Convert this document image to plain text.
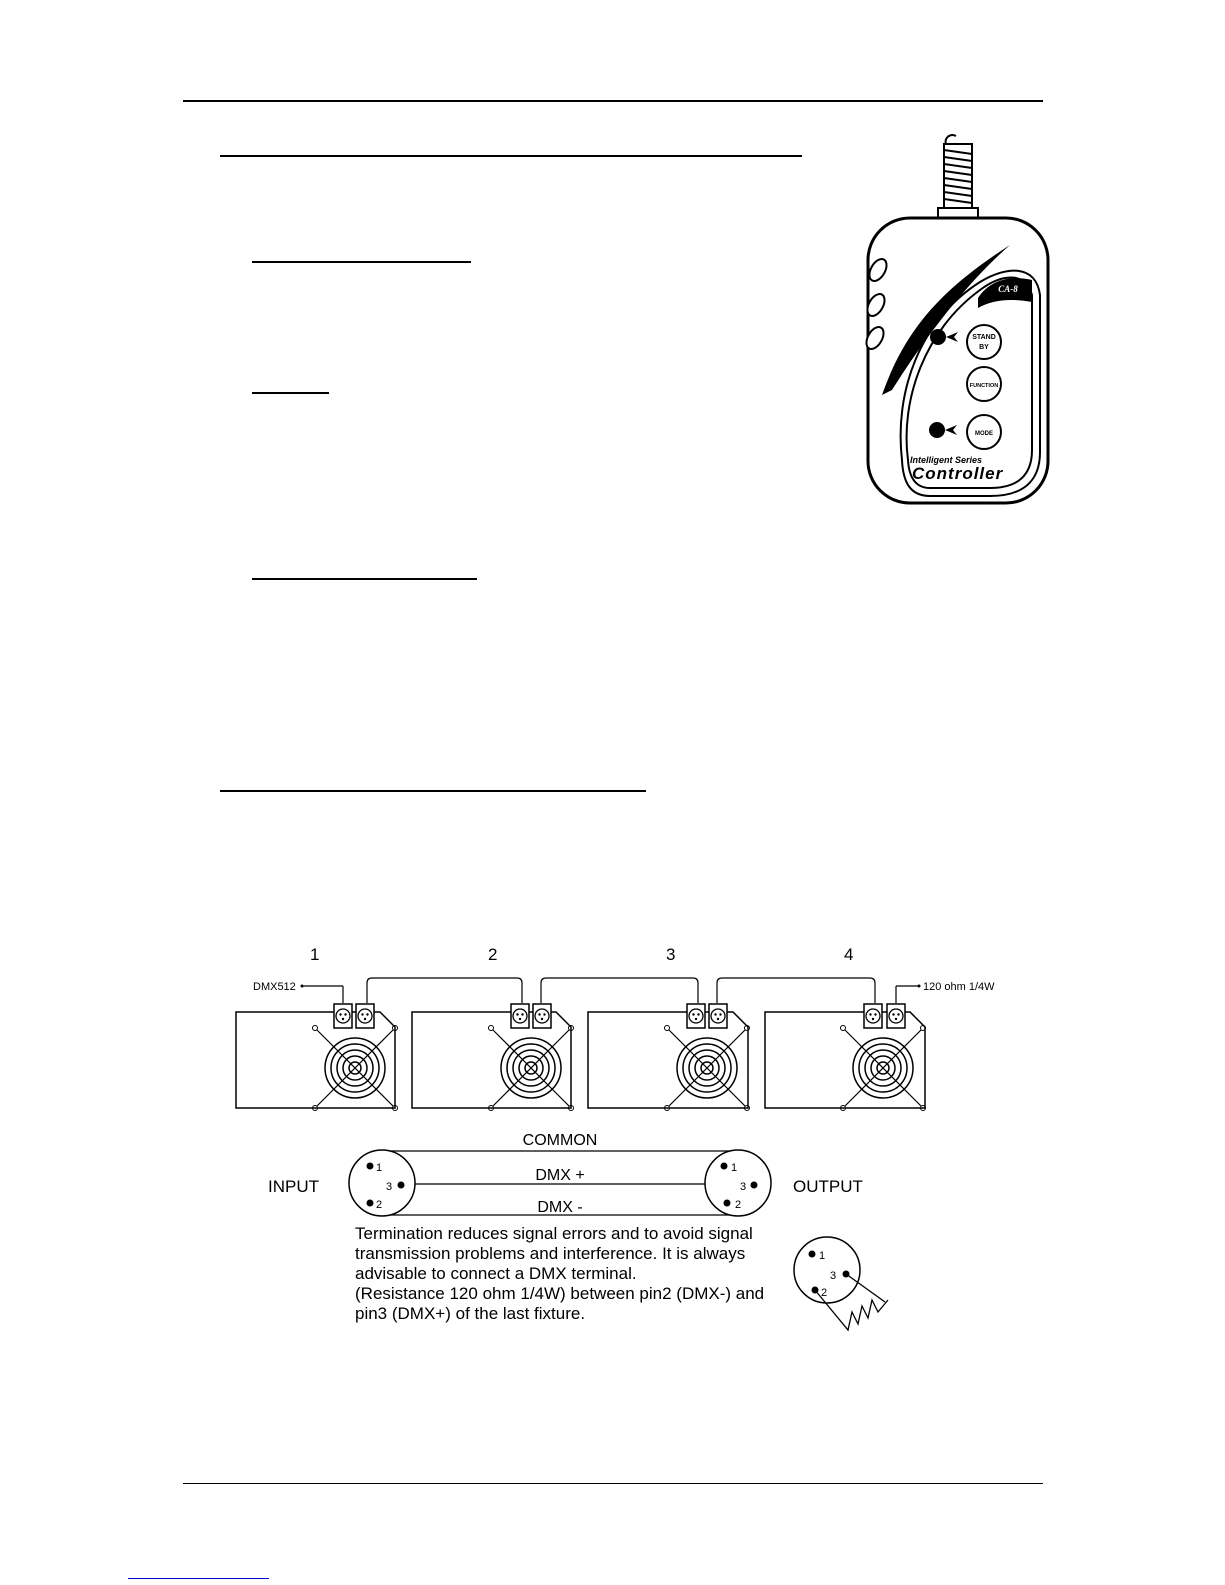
CA-8
STAND
BY
FUNCTION
MODE
Intelligent Series
Controller
1	2	3	4
DMX512	120 ohm 1/4W
COMMON
DMX +
DMX -
INPUT	OUTPUT
1
3
2
1
3
2
1
3
2
Termination reduces signal errors and to avoid signal
transmission problems and interference. It is always
advisable to connect a DMX terminal.
(Resistance 120 ohm 1/4W) between pin2 (DMX-) and
pin3 (DMX+) of the last fixture.
